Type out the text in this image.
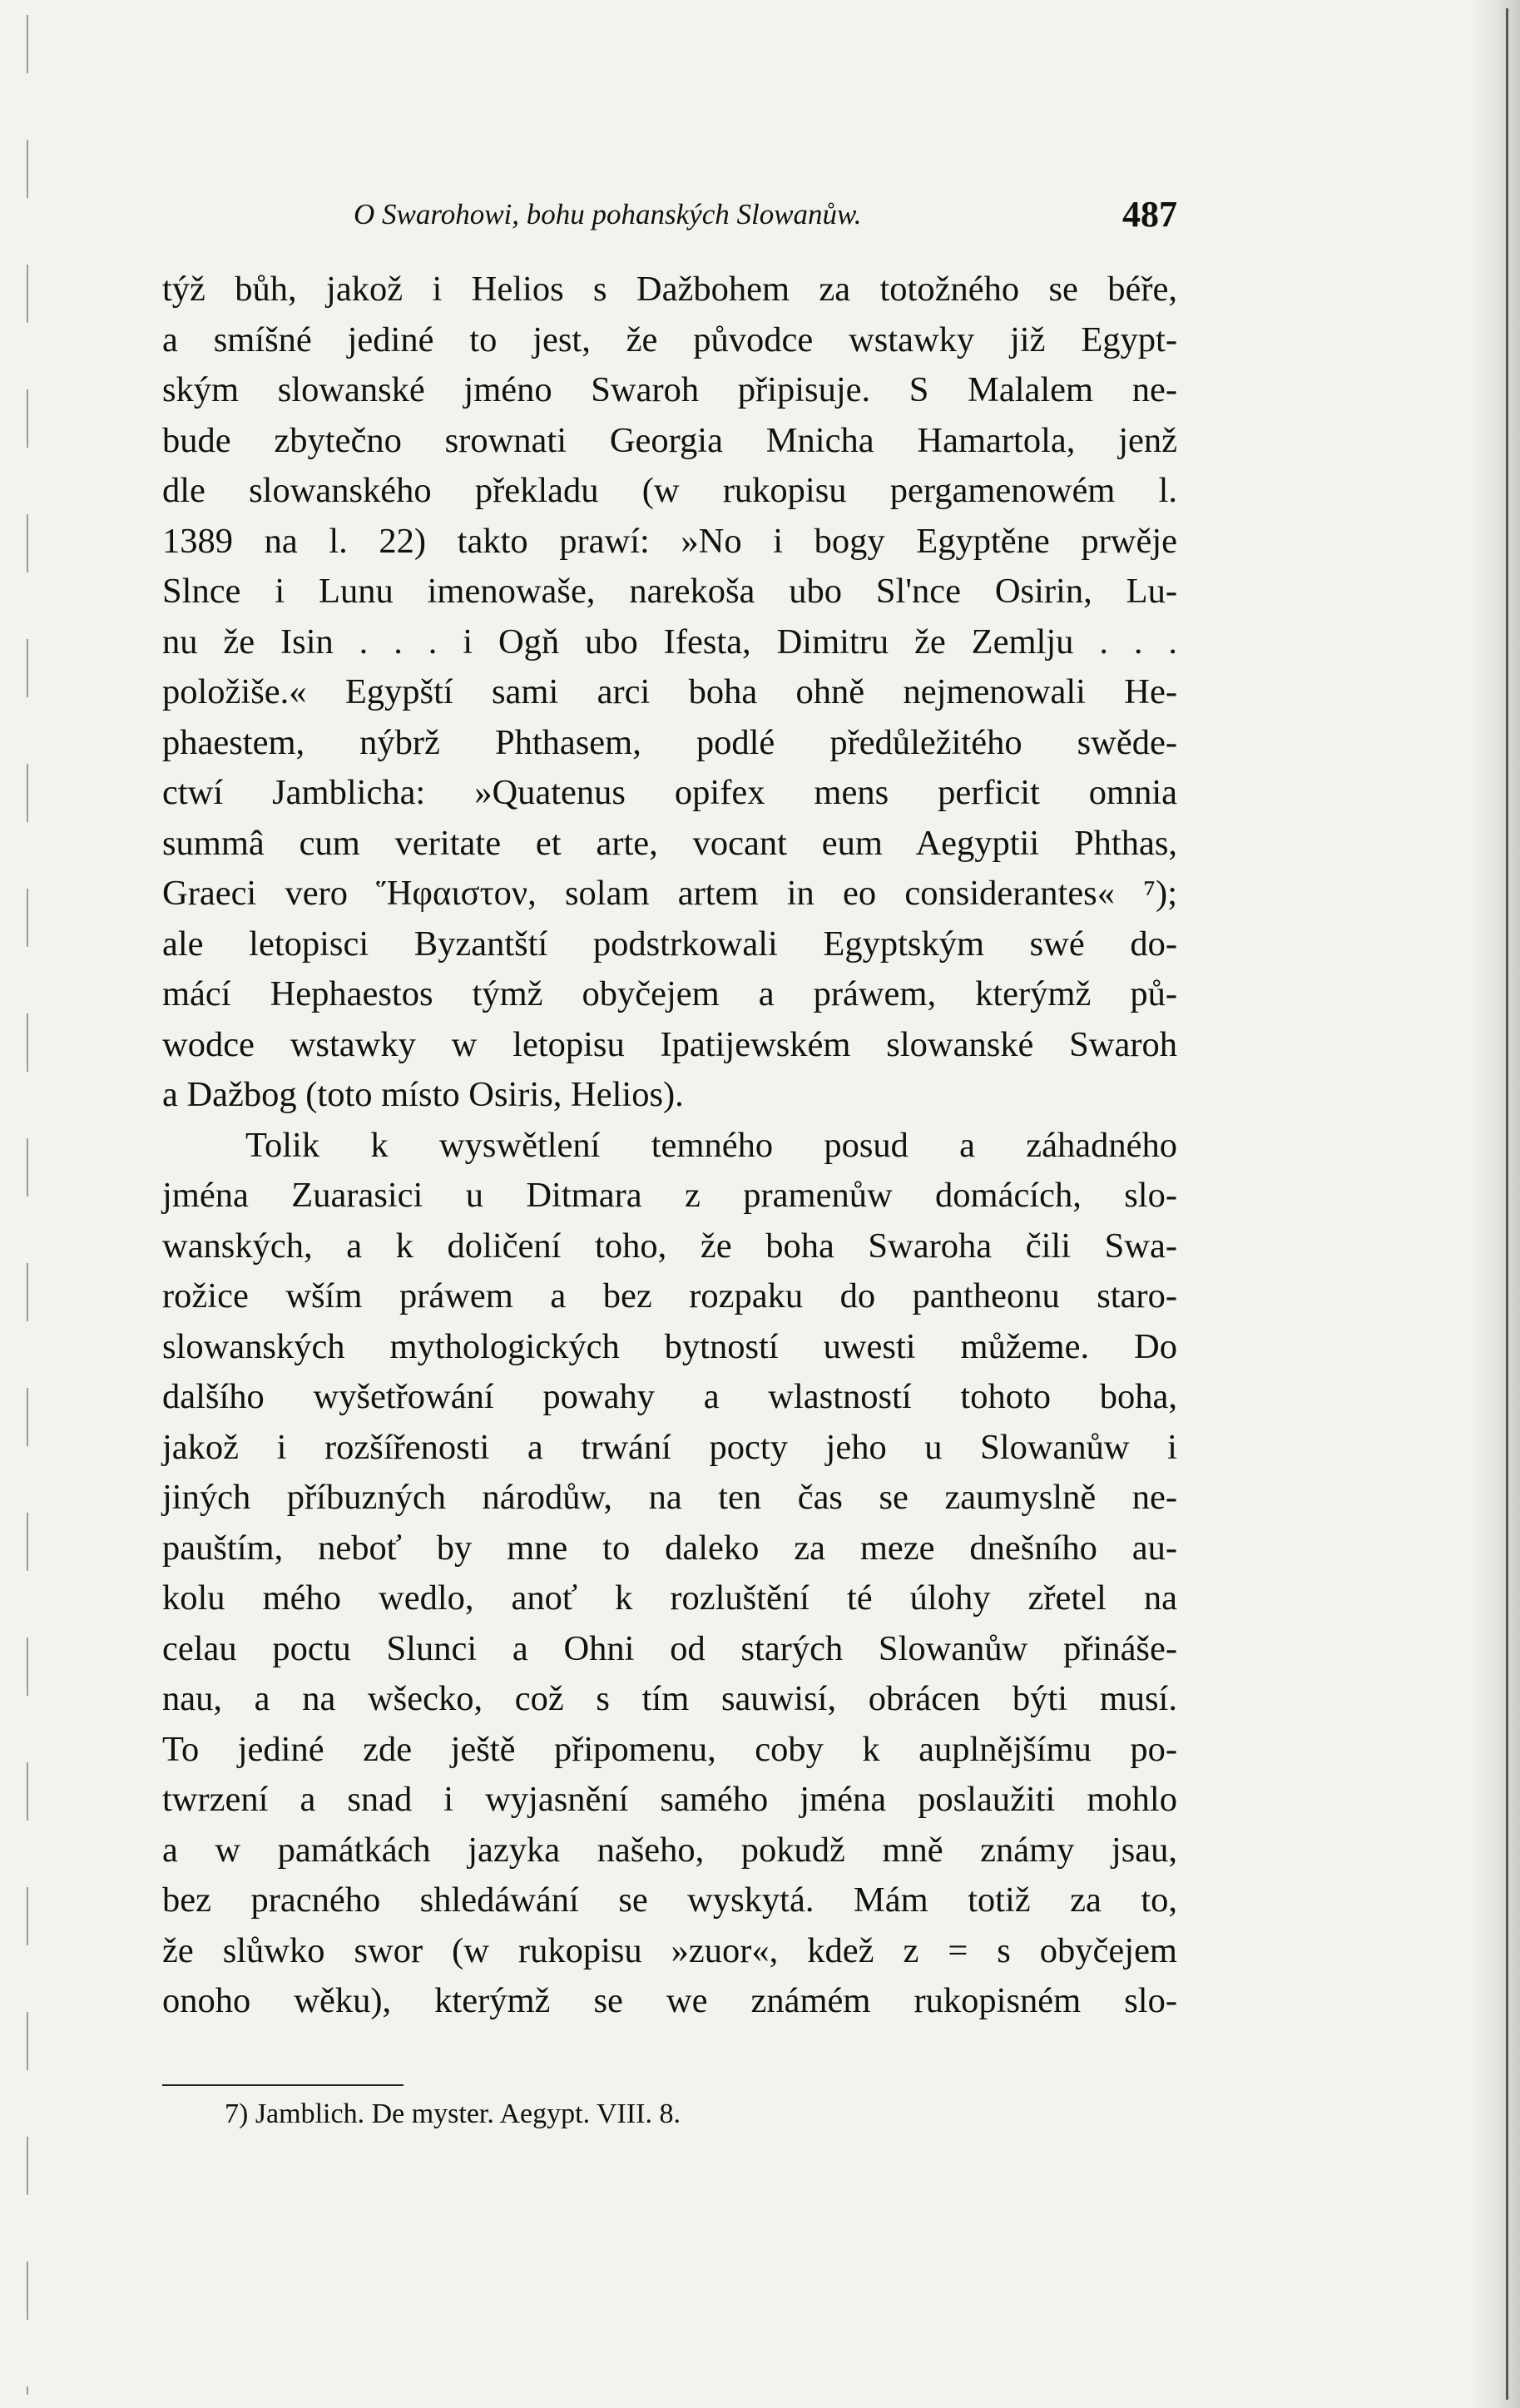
O Swarohowi, bohu pohanských Slowanůw.	487
týž bůh, jakož i Helios s Dažbohem za totožného se béře,
a smíšné jediné to jest, že původce wstawky již Egypt-
ským slowanské jméno Swaroh připisuje. S Malalem ne-
bude zbytečno srownati Georgia Mnicha Hamartola, jenž
dle slowanského překladu (w rukopisu pergamenowém l.
1389 na l. 22) takto prawí: »No i bogy Egyptěne prwěje
Slnce i Lunu imenowaše, narekoša ubo Sl'nce Osirin, Lu-
nu že Isin . . . i Ogň ubo Ifesta, Dimitru že Zemlju . . .
položiše.« Egypští sami arci boha ohně nejmenowali He-
phaestem, nýbrž Phthasem, podlé předůležitého swěde-
ctwí Jamblicha: »Quatenus opifex mens perficit omnia
summâ cum veritate et arte, vocant eum Aegyptii Phthas,
Graeci vero Ἥφαιστον, solam artem in eo considerantes« ⁷);
ale letopisci Byzantští podstrkowali Egyptským swé do-
mácí Hephaestos týmž obyčejem a práwem, kterýmž pů-
wodce wstawky w letopisu Ipatijewském slowanské Swaroh
a Dažbog (toto místo Osiris, Helios).
Tolik k wyswětlení temného posud a záhadného
jména Zuarasici u Ditmara z pramenůw domácích, slo-
wanských, a k doličení toho, že boha Swaroha čili Swa-
rožice wším práwem a bez rozpaku do pantheonu staro-
slowanských mythologických bytností uwesti můžeme. Do
dalšího wyšetřowání powahy a wlastností tohoto boha,
jakož i rozšířenosti a trwání pocty jeho u Slowanůw i
jiných příbuzných národůw, na ten čas se zaumyslně ne-
pauštím, neboť by mne to daleko za meze dnešního au-
kolu mého wedlo, anoť k rozluštění té úlohy zřetel na
celau poctu Slunci a Ohni od starých Slowanůw přináše-
nau, a na wšecko, což s tím sauwisí, obrácen býti musí.
To jediné zde ještě připomenu, coby k auplnějšímu po-
twrzení a snad i wyjasnění samého jména poslaužiti mohlo
a w památkách jazyka našeho, pokudž mně známy jsau,
bez pracného shledáwání se wyskytá. Mám totiž za to,
že slůwko swor (w rukopisu »zuor«, kdež z = s obyčejem
onoho wěku), kterýmž se we známém rukopisném slo-
7) Jamblich. De myster. Aegypt. VIII. 8.
